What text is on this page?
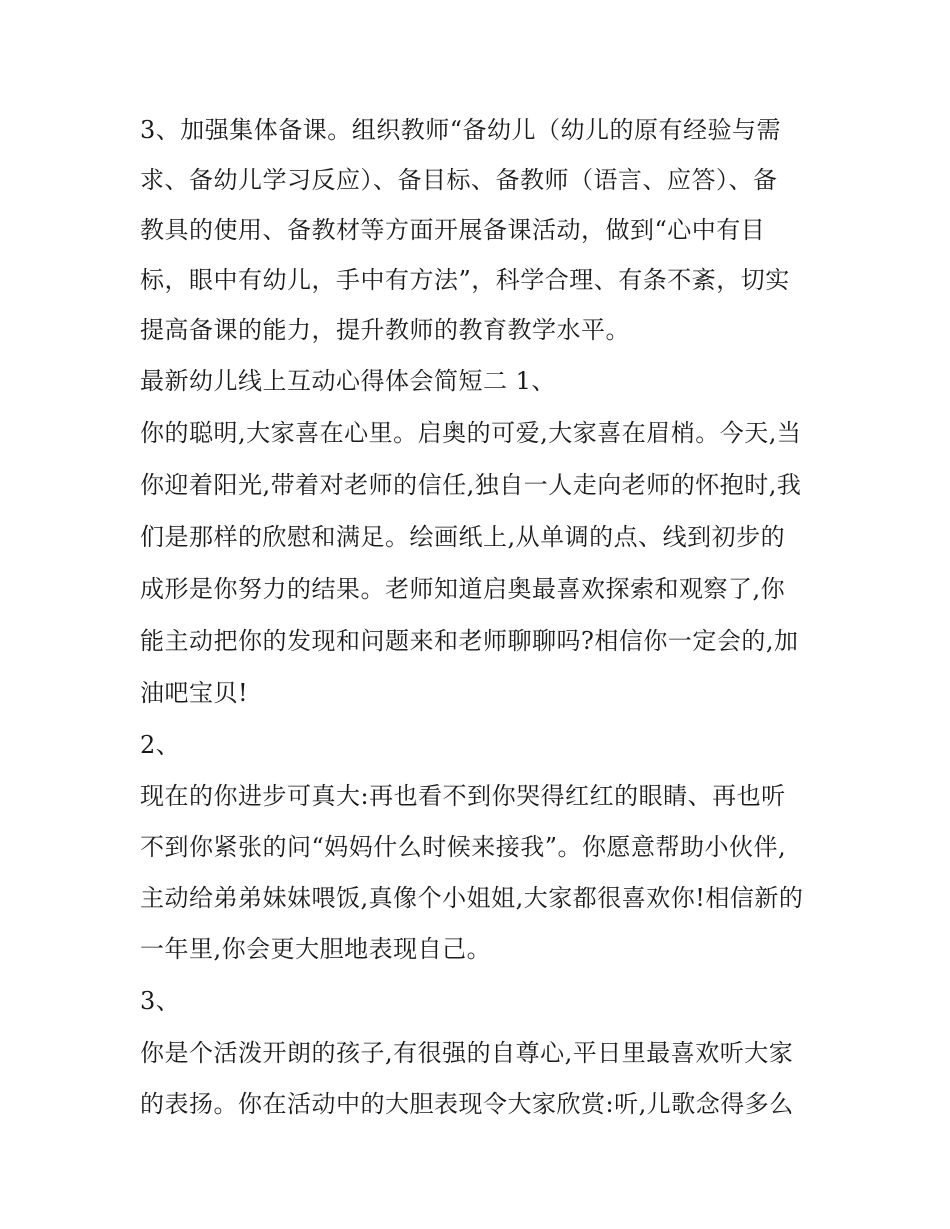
3、加强集体备课。组织教师“备幼儿（幼儿的原有经验与需
求、备幼儿学习反应）、备目标、备教师（语言、应答）、备
教具的使用、备教材等方面开展备课活动，做到“心中有目
标，眼中有幼儿，手中有方法”，科学合理、有条不紊，切实
提高备课的能力，提升教师的教育教学水平。
最新幼儿线上互动心得体会简短二 1、
你的聪明,大家喜在心里。启奥的可爱,大家喜在眉梢。今天,当
你迎着阳光,带着对老师的信任,独自一人走向老师的怀抱时,我
们是那样的欣慰和满足。绘画纸上,从单调的点、线到初步的
成形是你努力的结果。老师知道启奥最喜欢探索和观察了,你
能主动把你的发现和问题来和老师聊聊吗?相信你一定会的,加
油吧宝贝!
2、
现在的你进步可真大:再也看不到你哭得红红的眼睛、再也听
不到你紧张的问“妈妈什么时候来接我”。你愿意帮助小伙伴,
主动给弟弟妹妹喂饭,真像个小姐姐,大家都很喜欢你!相信新的
一年里,你会更大胆地表现自己。
3、
你是个活泼开朗的孩子,有很强的自尊心,平日里最喜欢听大家
的表扬。你在活动中的大胆表现令大家欣赏:听,儿歌念得多么
